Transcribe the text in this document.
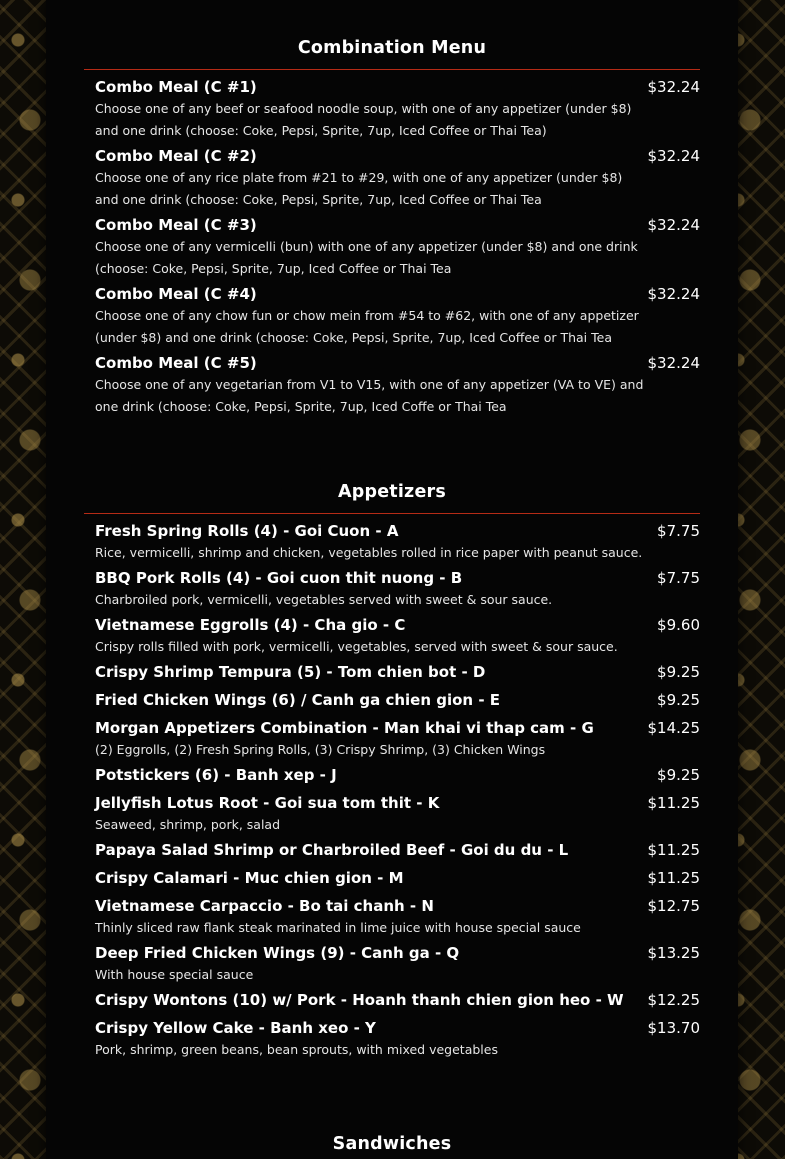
Combination Menu
Combo Meal (C #1)	$32.24
Choose one of any beef or seafood noodle soup, with one of any appetizer (under $8) and one drink (choose: Coke, Pepsi, Sprite, 7up, Iced Coffee or Thai Tea)
Combo Meal (C #2)	$32.24
Choose one of any rice plate from #21 to #29, with one of any appetizer (under $8) and one drink (choose: Coke, Pepsi, Sprite, 7up, Iced Coffee or Thai Tea
Combo Meal (C #3)	$32.24
Choose one of any vermicelli (bun) with one of any appetizer (under $8) and one drink (choose: Coke, Pepsi, Sprite, 7up, Iced Coffee or Thai Tea
Combo Meal (C #4)	$32.24
Choose one of any chow fun or chow mein from #54 to #62, with one of any appetizer (under $8) and one drink (choose: Coke, Pepsi, Sprite, 7up, Iced Coffee or Thai Tea
Combo Meal (C #5)	$32.24
Choose one of any vegetarian from V1 to V15, with one of any appetizer (VA to VE) and one drink (choose: Coke, Pepsi, Sprite, 7up, Iced Coffe or Thai Tea
Appetizers
Fresh Spring Rolls (4) - Goi Cuon - A	$7.75
Rice, vermicelli, shrimp and chicken, vegetables rolled in rice paper with peanut sauce.
BBQ Pork Rolls (4) - Goi cuon thit nuong - B	$7.75
Charbroiled pork, vermicelli, vegetables served with sweet & sour sauce.
Vietnamese Eggrolls (4) - Cha gio - C	$9.60
Crispy rolls filled with pork, vermicelli, vegetables, served with sweet & sour sauce.
Crispy Shrimp Tempura (5) - Tom chien bot - D	$9.25
Fried Chicken Wings (6) / Canh ga chien gion - E	$9.25
Morgan Appetizers Combination - Man khai vi thap cam - G	$14.25
(2) Eggrolls, (2) Fresh Spring Rolls, (3) Crispy Shrimp, (3) Chicken Wings
Potstickers (6) - Banh xep - J	$9.25
Jellyfish Lotus Root - Goi sua tom thit - K	$11.25
Seaweed, shrimp, pork, salad
Papaya Salad Shrimp or Charbroiled Beef - Goi du du - L	$11.25
Crispy Calamari - Muc chien gion - M	$11.25
Vietnamese Carpaccio - Bo tai chanh - N	$12.75
Thinly sliced raw flank steak marinated in lime juice with house special sauce
Deep Fried Chicken Wings (9) - Canh ga - Q	$13.25
With house special sauce
Crispy Wontons (10) w/ Pork - Hoanh thanh chien gion heo - W $12.25
Crispy Yellow Cake - Banh xeo - Y	$13.70
Pork, shrimp, green beans, bean sprouts, with mixed vegetables
Sandwiches
